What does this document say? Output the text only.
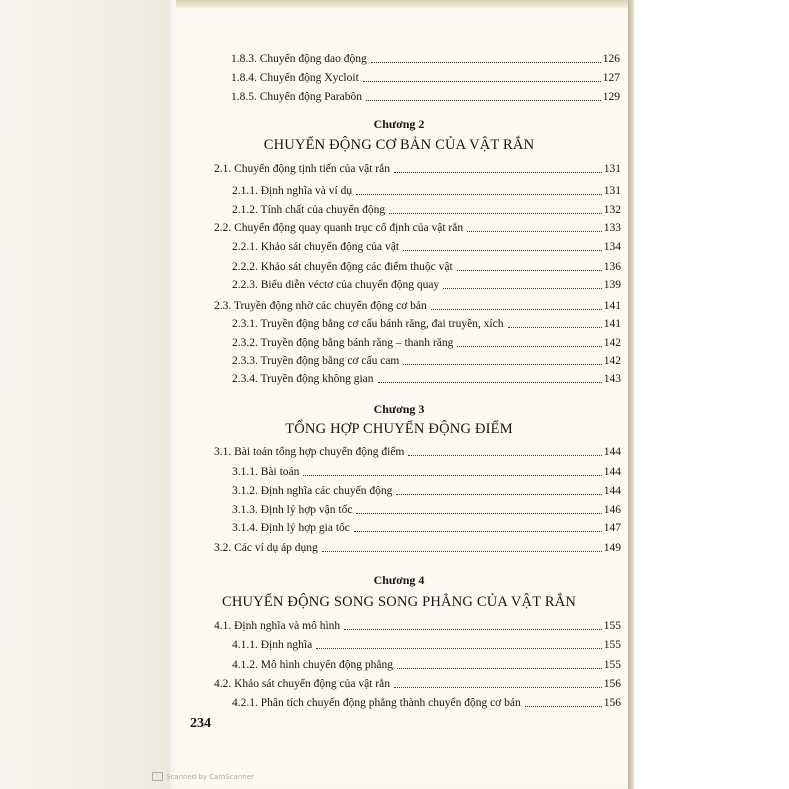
1.8.3. Chuyển động dao động	126
1.8.4. Chuyển động Xycloit	127
1.8.5. Chuyển động Parabôn	129
Chương 2
CHUYỂN ĐỘNG CƠ BẢN CỦA VẬT RẮN
2.1. Chuyển động tịnh tiến của vật rắn	131
2.1.1. Định nghĩa và ví dụ	131
2.1.2. Tính chất của chuyển động	132
2.2. Chuyển động quay quanh trục cố định của vật rắn	133
2.2.1. Khảo sát chuyển động của vật	134
2.2.2. Khảo sát chuyển động các điểm thuộc vật	136
2.2.3. Biểu diễn véctơ của chuyển động quay	139
2.3. Truyền động nhờ các chuyển động cơ bản	141
2.3.1. Truyền động bằng cơ cấu bánh răng, đai truyền, xích	141
2.3.2. Truyền động bằng bánh răng – thanh răng	142
2.3.3. Truyền động bằng cơ cấu cam	142
2.3.4. Truyền động không gian	143
Chương 3
TỔNG HỢP CHUYỂN ĐỘNG ĐIỂM
3.1. Bài toán tổng hợp chuyển động điểm	144
3.1.1. Bài toán	144
3.1.2. Định nghĩa các chuyển động	144
3.1.3. Định lý hợp vận tốc	146
3.1.4. Định lý hợp gia tốc	147
3.2. Các ví dụ áp dụng	149
Chương 4
CHUYỂN ĐỘNG SONG SONG PHẲNG CỦA VẬT RẮN
4.1. Định nghĩa và mô hình	155
4.1.1. Định nghĩa	155
4.1.2. Mô hình chuyển động phẳng	155
4.2. Khảo sát chuyển động của vật rắn	156
4.2.1. Phân tích chuyển động phẳng thành chuyển động cơ bản	156
234
Scanned by CamScanner
